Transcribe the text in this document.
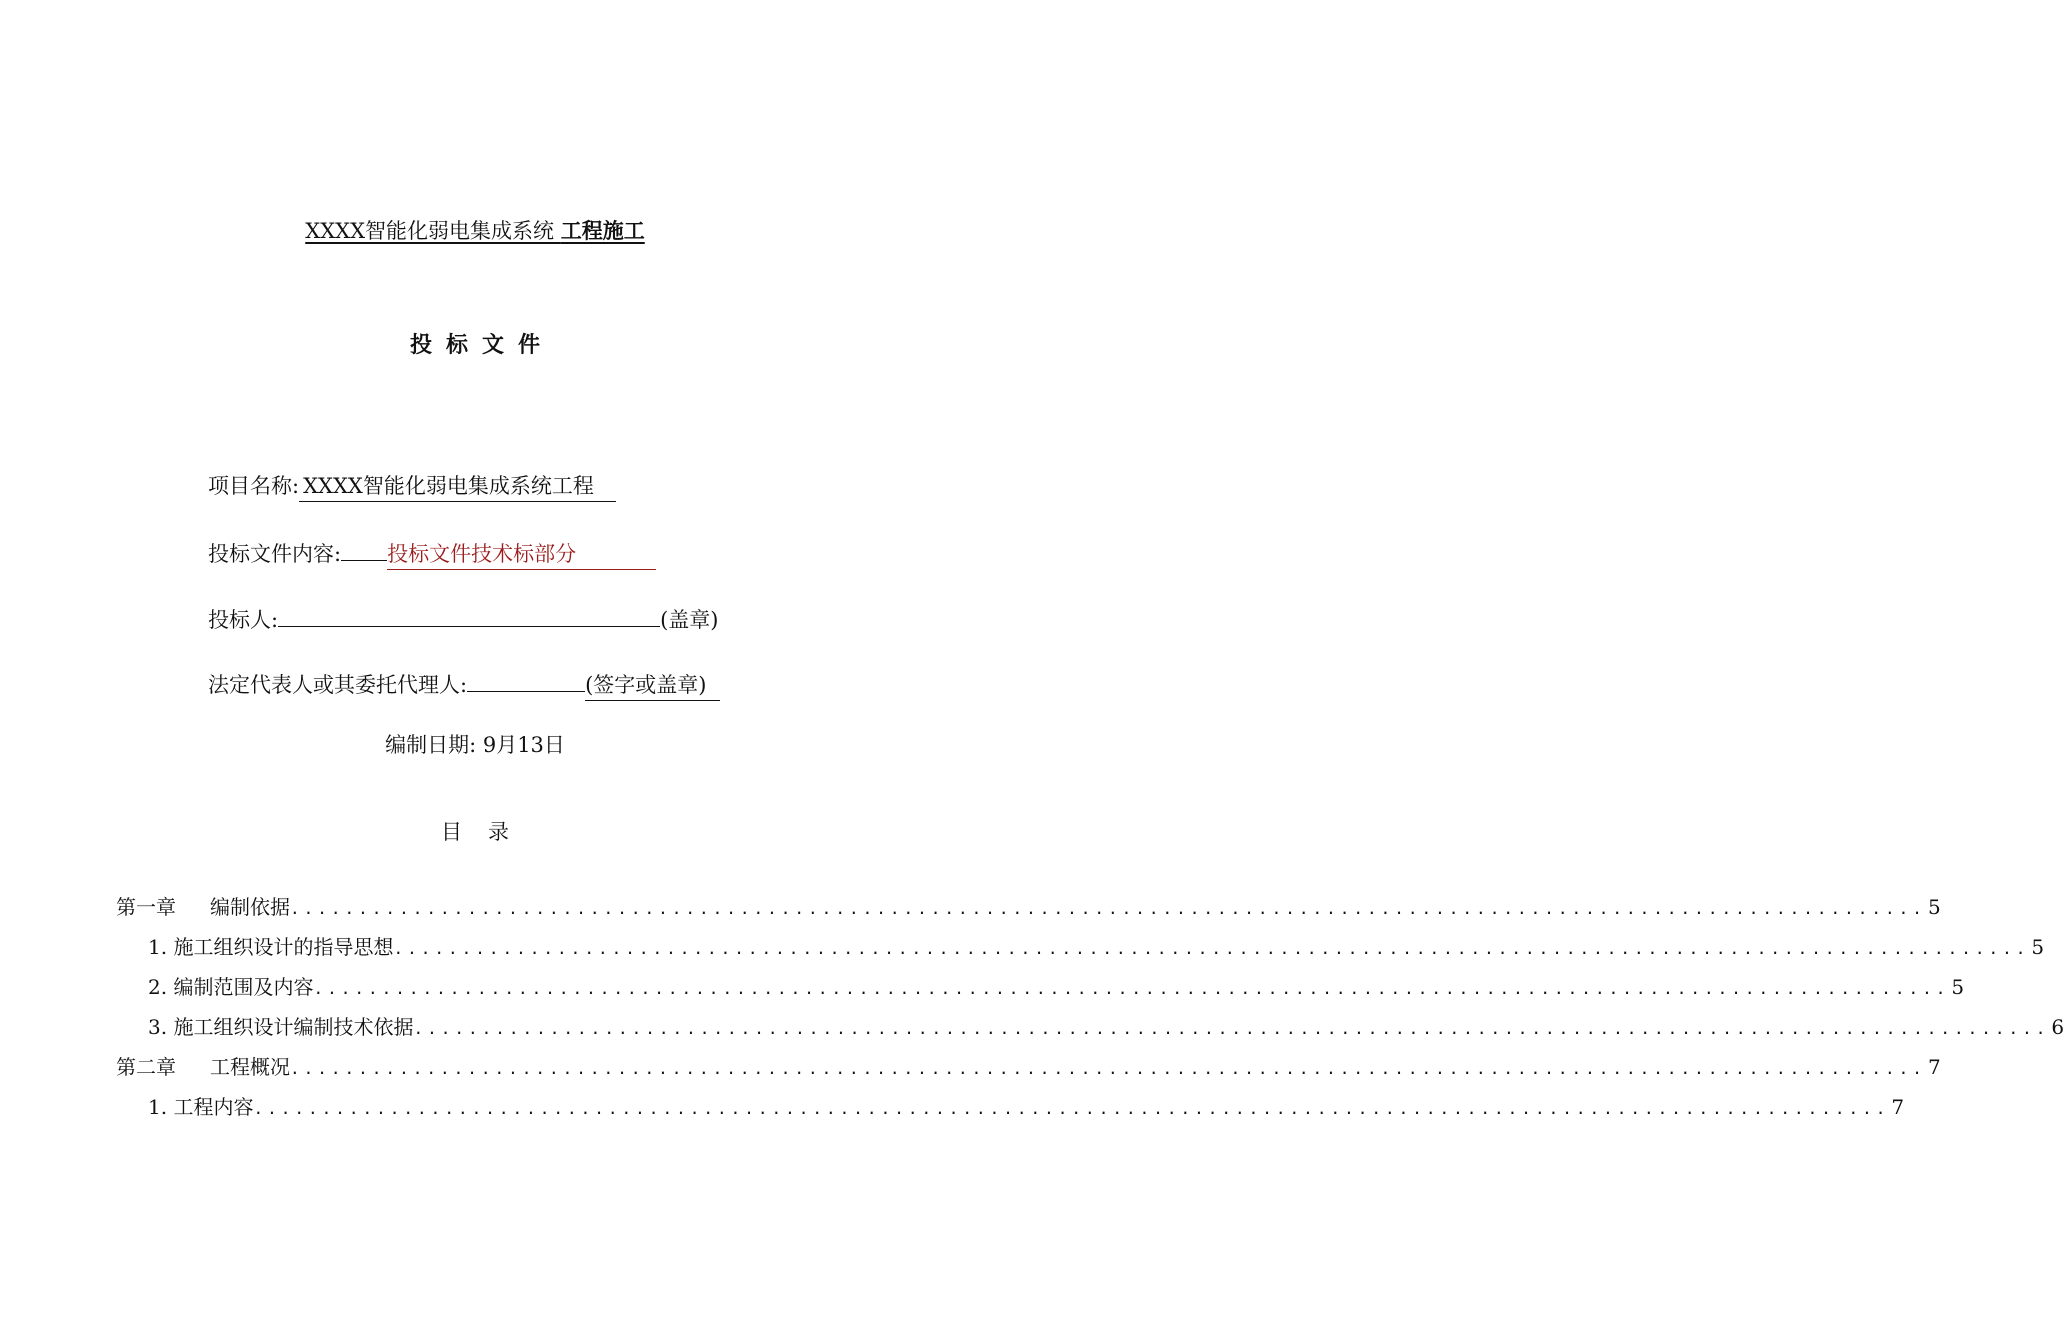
XXXX智能化弱电集成系统 工程施工
投标文件
项目名称: XXXX智能化弱电集成系统工程
投标文件内容: 投标文件技术标部分
投标人:	(盖章)
法定代表人或其委托代理人:	(签字或盖章)
编制日期: 9月13日
目录
第一章 编制依据 ........................................................................................................................ 5
1. 施工组织设计的指导思想 ........................................................................................................................ 5
2. 编制范围及内容 ........................................................................................................................ 5
3. 施工组织设计编制技术依据 ........................................................................................................................ 6
第二章 工程概况 ........................................................................................................................ 7
1. 工程内容 ........................................................................................................................ 7
